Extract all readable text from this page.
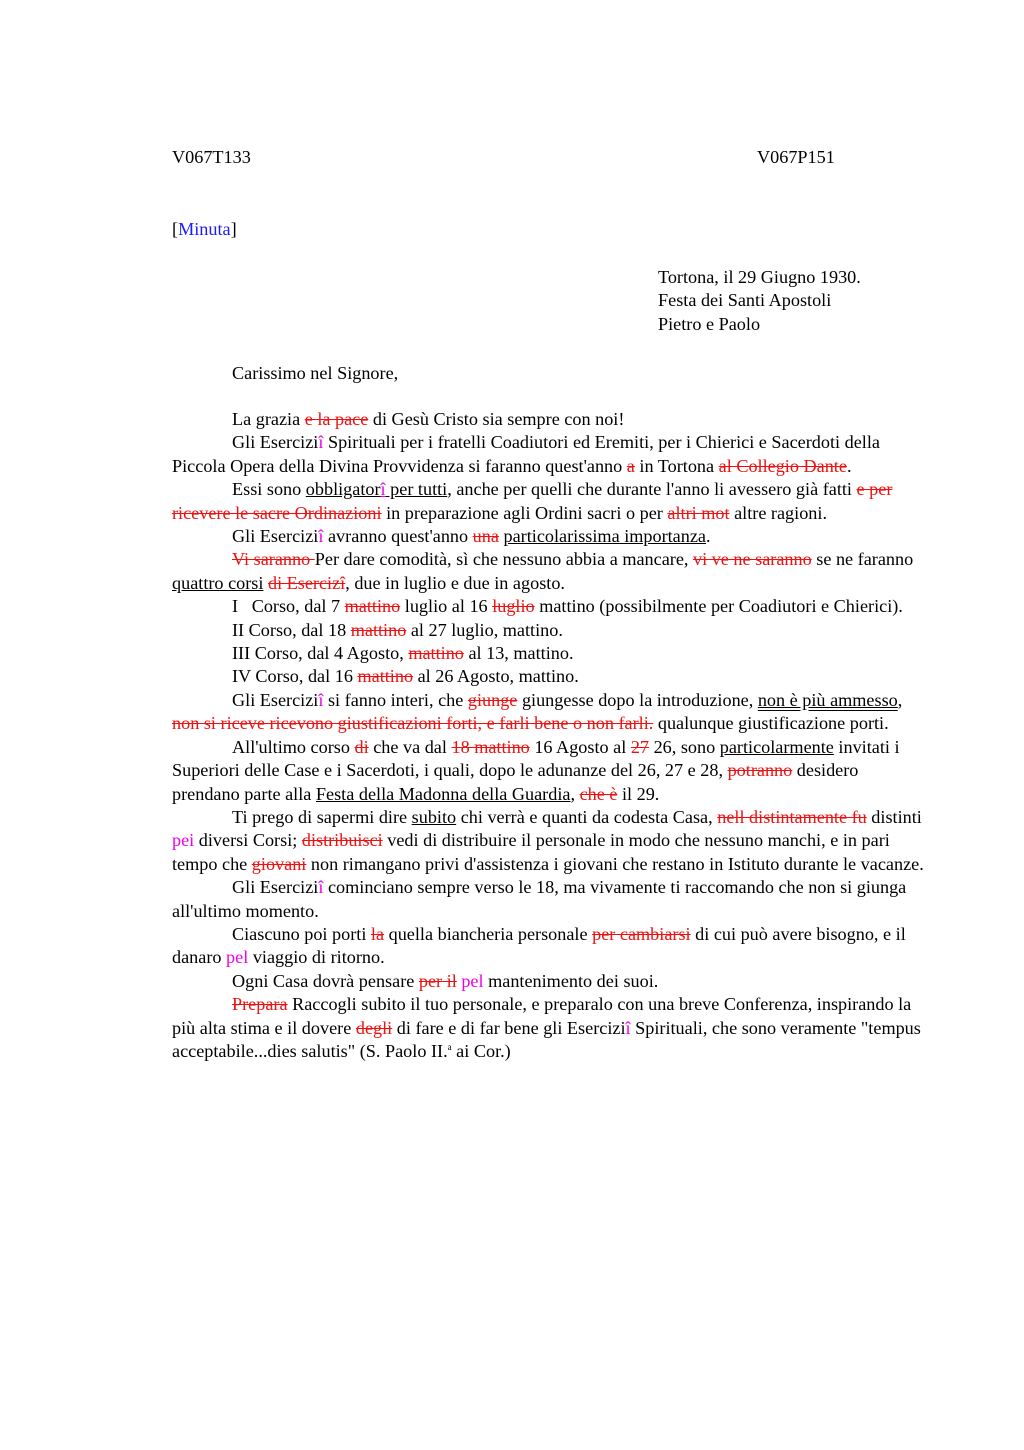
V067T133	V067P151
[Minuta]
Tortona, il 29 Giugno 1930.
Festa dei Santi Apostoli
Pietro e Paolo
Carissimo nel Signore,

La grazia e la pace di Gesù Cristo sia sempre con noi!

Gli Eserciziî Spirituali per i fratelli Coadiutori ed Eremiti, per i Chierici e Sacerdoti della Piccola Opera della Divina Provvidenza si faranno quest'anno a in Tortona al Collegio Dante.

Essi sono obbligatorî per tutti, anche per quelli che durante l'anno li avessero già fatti e per ricevere le sacre Ordinazioni in preparazione agli Ordini sacri o per altri mot altre ragioni.

Gli Eserciziî avranno quest'anno una particolarissima importanza.

Vi saranno Per dare comodità, sì che nessuno abbia a mancare, vi ve ne saranno se ne faranno quattro corsi di Esercizî, due in luglio e due in agosto.

I   Corso, dal 7 mattino luglio al 16 luglio mattino (possibilmente per Coadiutori e Chierici).

II Corso, dal 18 mattino al 27 luglio, mattino.

III Corso, dal 4 Agosto, mattino al 13, mattino.

IV Corso, dal 16 mattino al 26 Agosto, mattino.

Gli Eserciziî si fanno interi, che giunge giungesse dopo la introduzione, non è più ammesso, non si riceve ricevono giustificazioni forti, e farli bene o non farli. qualunque giustificazione porti.

All'ultimo corso di che va dal 18 mattino 16 Agosto al 27 26, sono particolarmente invitati i Superiori delle Case e i Sacerdoti, i quali, dopo le adunanze del 26, 27 e 28, potranno desidero prendano parte alla Festa della Madonna della Guardia, che è il 29.

Ti prego di sapermi dire subito chi verrà e quanti da codesta Casa, nell distintamente fu distinti pei diversi Corsi; distribuisci vedi di distribuire il personale in modo che nessuno manchi, e in pari tempo che giovani non rimangano privi d'assistenza i giovani che restano in Istituto durante le vacanze.

Gli Eserciziî cominciano sempre verso le 18, ma vivamente ti raccomando che non si giunga all'ultimo momento.

Ciascuno poi porti la quella biancheria personale per cambiarsi di cui può avere bisogno, e il danaro pel viaggio di ritorno.

Ogni Casa dovrà pensare per il pel mantenimento dei suoi.

Prepara Raccogli subito il tuo personale, e preparalo con una breve Conferenza, inspirando la più alta stima e il dovere degli di fare e di far bene gli Eserciziî Spirituali, che sono veramente "tempus acceptabile...dies salutis" (S. Paolo II.$^a$ ai Cor.)
